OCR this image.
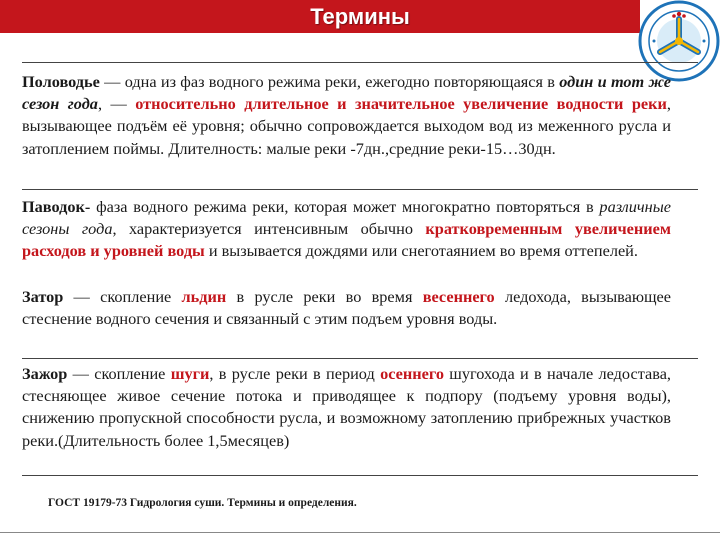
Термины

Половодье — одна из фаз водного режима реки, ежегодно повторяющаяся в один и тот же сезон года, — относительно длительное и значительное увеличение водности реки, вызывающее подъём её уровня; обычно сопровождается выходом вод из меженного русла и затоплением поймы. Длителность: малые реки -7дн.,средние реки-15…30дн.

Паводок- фаза водного режима реки, которая может многократно повторяться в различные сезоны года, характеризуется интенсивным обычно кратковременным увеличением расходов и уровней воды и вызывается дождями или снеготаянием во время оттепелей.

Затор — скопление льдин в русле реки во время весеннего ледохода, вызывающее стеснение водного сечения и связанный с этим подъем уровня воды.

Зажор — скопление шуги, в русле реки в период осеннего шугохода и в начале ледостава, стесняющее живое сечение потока и приводящее к подпору (подъему уровня воды), снижению пропускной способности русла, и возможному затоплению прибрежных участков реки.(Длительность более 1,5месяцев)

ГОСТ 19179-73 Гидрология суши. Термины и определения.
